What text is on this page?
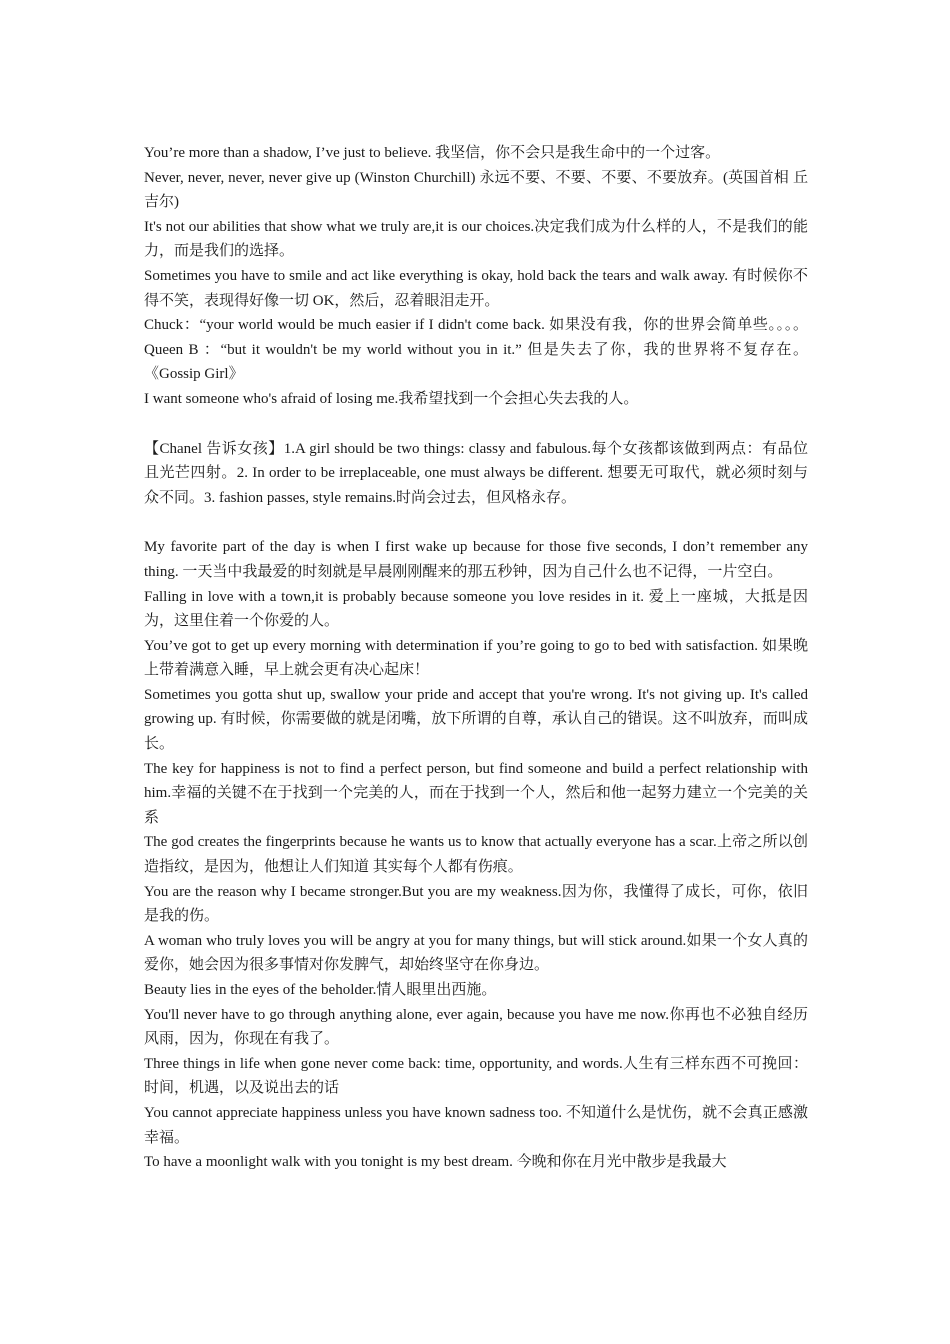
You’re more than a shadow, I’ve just to believe. 我坚信，你不会只是我生命中的一个过客。

Never, never, never, never give up (Winston Churchill) 永远不要、不要、不要、不要放弃。(英国首相 丘吉尔)

It's not our abilities that show what we truly are,it is our choices.决定我们成为什么样的人，不是我们的能力，而是我们的选择。

Sometimes you have to smile and act like everything is okay, hold back the tears and walk away. 有时候你不得不笑，表现得好像一切 OK，然后，忍着眼泪走开。

Chuck：“your world would be much easier if I didn't come back. 如果没有我，你的世界会简单些。。。。Queen B ：“but it wouldn't be my world without you in it.” 但是失去了你，我的世界将不复存在。《Gossip Girl》

I want someone who's afraid of losing me.我希望找到一个会担心失去我的人。

【Chanel 告诉女孩】1.A girl should be two things: classy and fabulous.每个女孩都该做到两点：有品位且光芒四射。2. In order to be irreplaceable, one must always be different. 想要无可取代，就必须时刻与众不同。3. fashion passes, style remains.时尚会过去，但风格永存。

My favorite part of the day is when I first wake up because for those five seconds, I don’t remember any thing. 一天当中我最爱的时刻就是早晨刚刚醒来的那五秒钟，因为自己什么也不记得，一片空白。

Falling in love with a town,it is probably because someone you love resides in it. 爱上一座城，大抵是因为，这里住着一个你爱的人。

You’ve got to get up every morning with determination if you’re going to go to bed with satisfaction. 如果晚上带着满意入睡，早上就会更有决心起床！

Sometimes you gotta shut up, swallow your pride and accept that you're wrong. It's not giving up. It's called growing up. 有时候，你需要做的就是闭嘴，放下所谓的自尊，承认自己的错误。这不叫放弃，而叫成长。

The key for happiness is not to find a perfect person, but find someone and build a perfect relationship with him.幸福的关键不在于找到一个完美的人，而在于找到一个人，然后和他一起努力建立一个完美的关系

The god creates the fingerprints because he wants us to know that actually everyone has a scar.上帝之所以创造指纹，是因为，他想让人们知道 其实每个人都有伤痕。

You are the reason why I became stronger.But you are my weakness.因为你，我懂得了成长，可你，依旧是我的伤。

A woman who truly loves you will be angry at you for many things, but will stick around.如果一个女人真的爱你，她会因为很多事情对你发脾气，却始终坚守在你身边。

Beauty lies in the eyes of the beholder.情人眼里出西施。

You'll never have to go through anything alone, ever again, because you have me now.你再也不必独自经历风雨，因为，你现在有我了。

Three things in life when gone never come back: time, opportunity, and words.人生有三样东西不可挽回：时间，机遇，以及说出去的话

You cannot appreciate happiness unless you have known sadness too. 不知道什么是忧伤，就不会真正感激幸福。

To have a moonlight walk with you tonight is my best dream. 今晚和你在月光中散步是我最大
